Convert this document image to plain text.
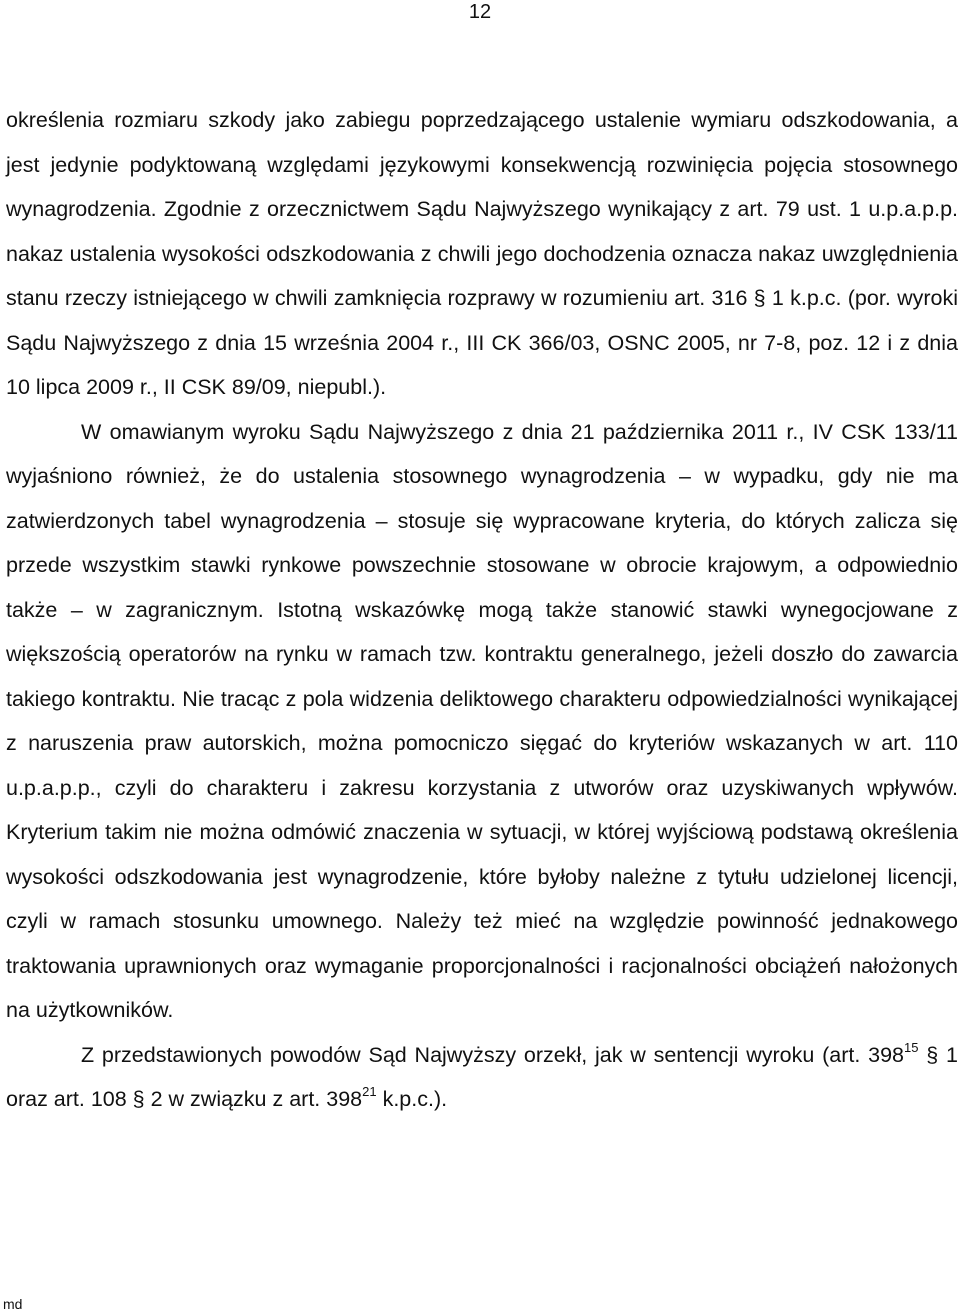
12

określenia rozmiaru szkody jako zabiegu poprzedzającego ustalenie wymiaru odszkodowania, a jest jedynie podyktowaną względami językowymi konsekwencją rozwinięcia pojęcia stosownego wynagrodzenia. Zgodnie z orzecznictwem Sądu Najwyższego wynikający z art. 79 ust. 1 u.p.a.p.p. nakaz ustalenia wysokości odszkodowania z chwili jego dochodzenia oznacza nakaz uwzględnienia stanu rzeczy istniejącego w chwili zamknięcia rozprawy w rozumieniu art. 316 § 1 k.p.c. (por. wyroki Sądu Najwyższego z dnia 15 września 2004 r., III CK 366/03, OSNC 2005, nr 7-8, poz. 12 i z dnia 10 lipca 2009 r., II CSK 89/09, niepubl.).

W omawianym wyroku Sądu Najwyższego z dnia 21 października 2011 r., IV CSK 133/11 wyjaśniono również, że do ustalenia stosownego wynagrodzenia – w wypadku, gdy nie ma zatwierdzonych tabel wynagrodzenia – stosuje się wypracowane kryteria, do których zalicza się przede wszystkim stawki rynkowe powszechnie stosowane w obrocie krajowym, a odpowiednio także – w zagranicznym. Istotną wskazówkę mogą także stanowić stawki wynegocjowane z większością operatorów na rynku w ramach tzw. kontraktu generalnego, jeżeli doszło do zawarcia takiego kontraktu. Nie tracąc z pola widzenia deliktowego charakteru odpowiedzialności wynikającej z naruszenia praw autorskich, można pomocniczo sięgać do kryteriów wskazanych w art. 110 u.p.a.p.p., czyli do charakteru i zakresu korzystania z utworów oraz uzyskiwanych wpływów. Kryterium takim nie można odmówić znaczenia w sytuacji, w której wyjściową podstawą określenia wysokości odszkodowania jest wynagrodzenie, które byłoby należne z tytułu udzielonej licencji, czyli w ramach stosunku umownego. Należy też mieć na względzie powinność jednakowego traktowania uprawnionych oraz wymaganie proporcjonalności i racjonalności obciążeń nałożonych na użytkowników.

Z przedstawionych powodów Sąd Najwyższy orzekł, jak w sentencji wyroku (art. $398^{15}$ § 1 oraz art. 108 § 2 w związku z art. $398^{21}$ k.p.c.).

md
